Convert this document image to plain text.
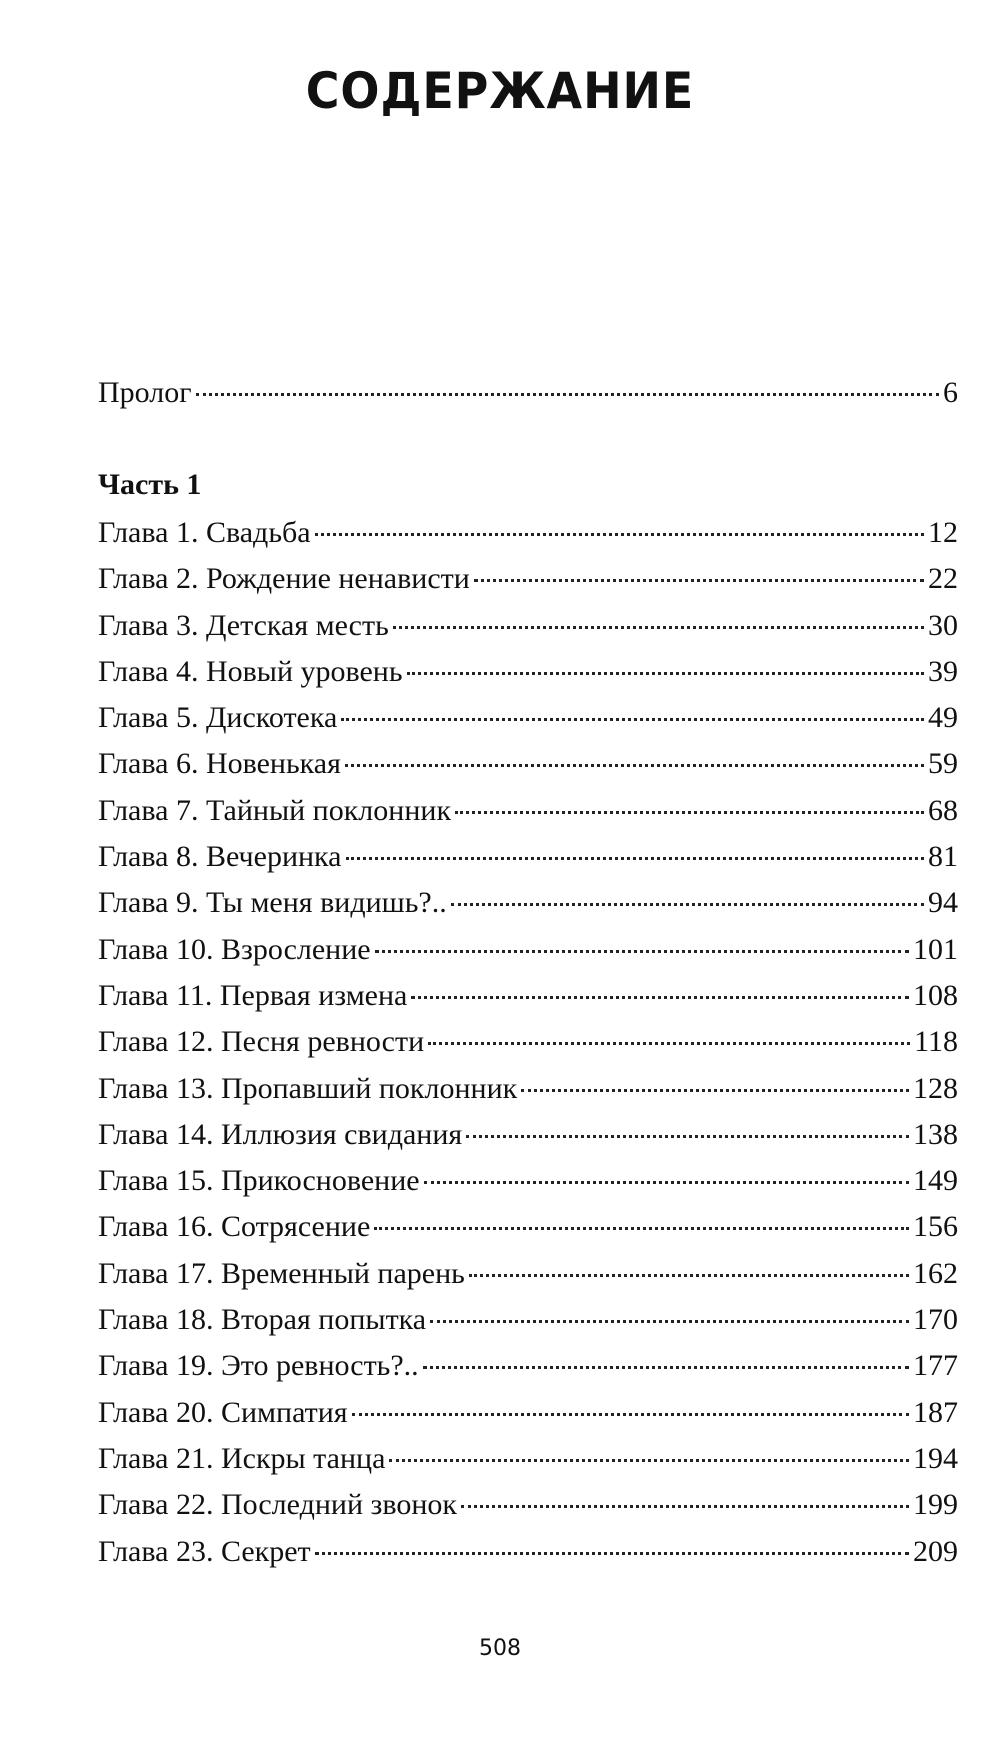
СОДЕРЖАНИЕ
Пролог	6
Часть 1
Глава 1. Свадьба	12
Глава 2. Рождение ненависти	22
Глава 3. Детская месть	30
Глава 4. Новый уровень	39
Глава 5. Дискотека	49
Глава 6. Новенькая	59
Глава 7. Тайный поклонник	68
Глава 8. Вечеринка	81
Глава 9. Ты меня видишь?..	94
Глава 10. Взросление	101
Глава 11. Первая измена	108
Глава 12. Песня ревности	118
Глава 13. Пропавший поклонник	128
Глава 14. Иллюзия свидания	138
Глава 15. Прикосновение	149
Глава 16. Сотрясение	156
Глава 17. Временный парень	162
Глава 18. Вторая попытка	170
Глава 19. Это ревность?..	177
Глава 20. Симпатия	187
Глава 21. Искры танца	194
Глава 22. Последний звонок	199
Глава 23. Секрет	209
508
